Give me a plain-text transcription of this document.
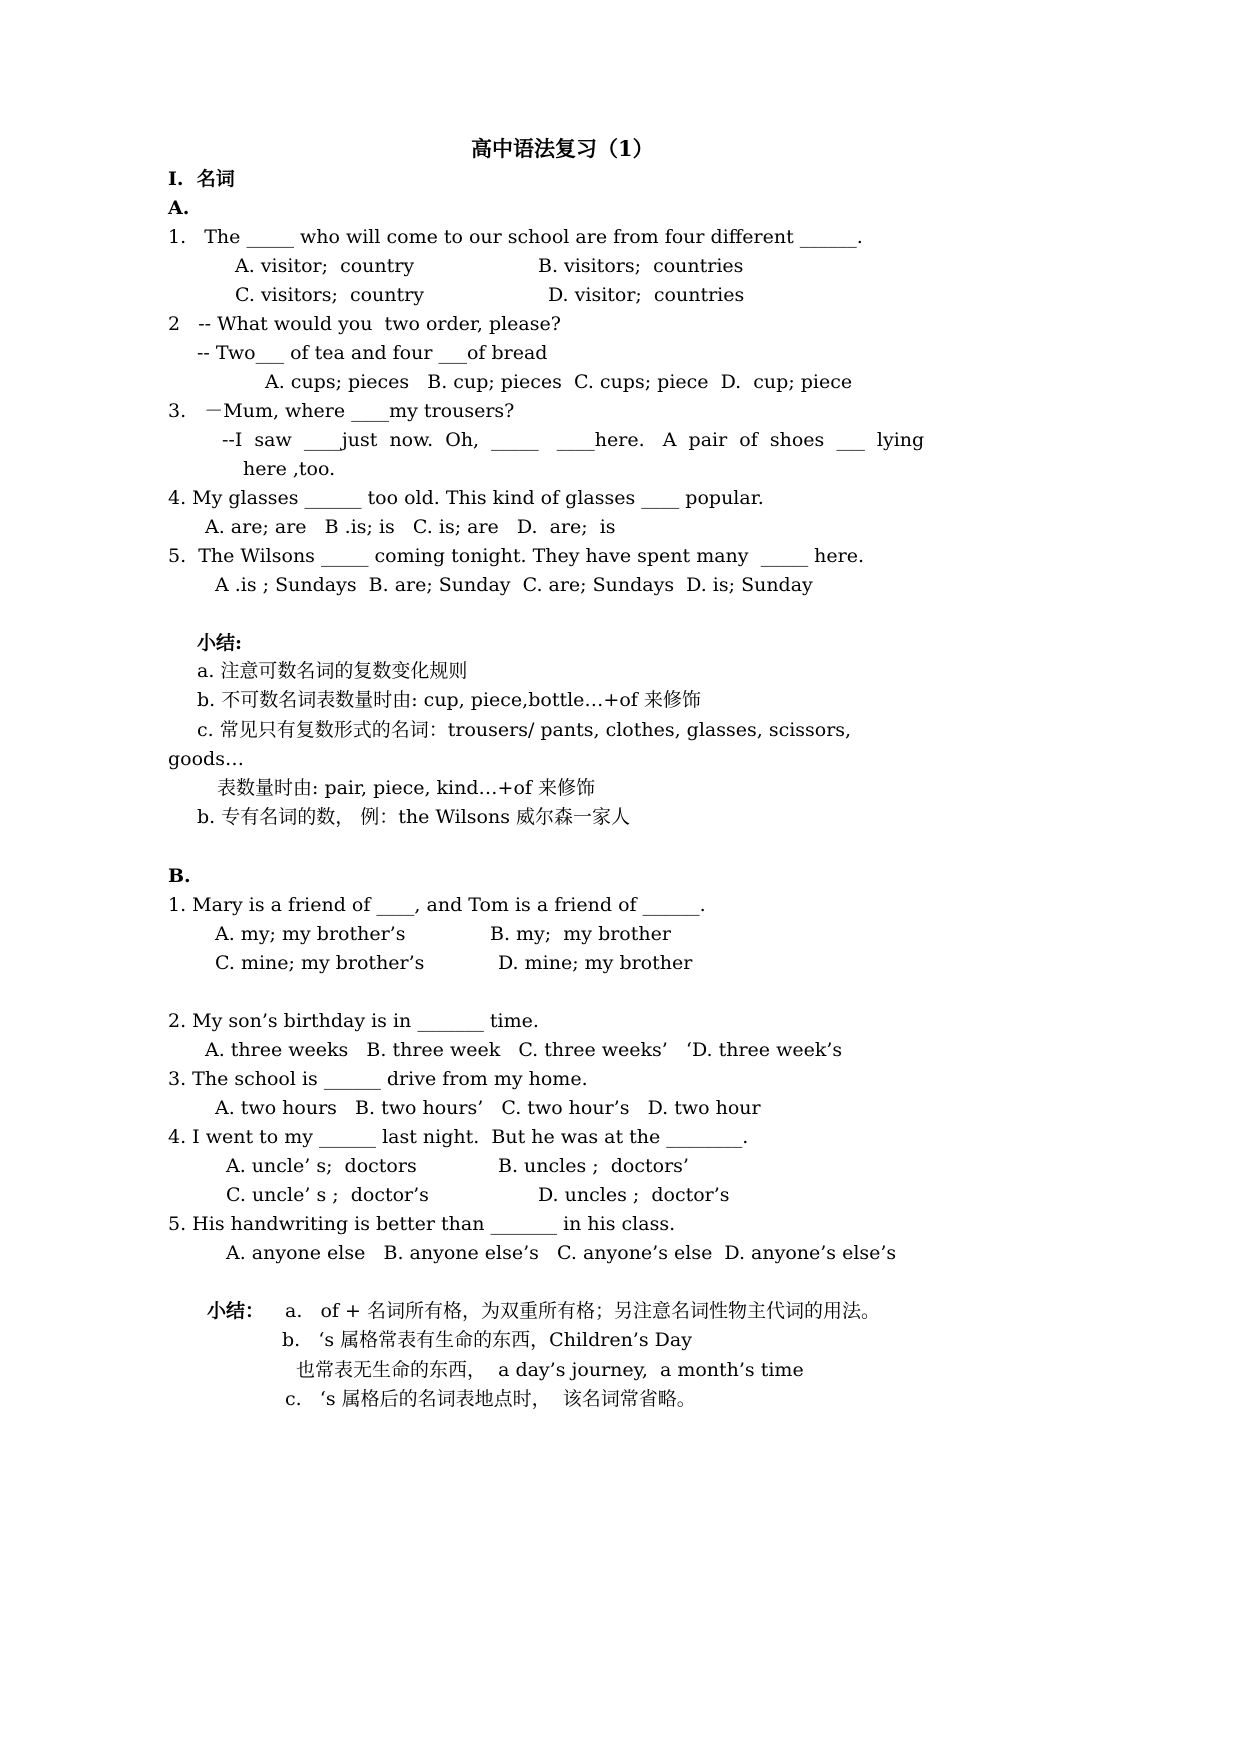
高中语法复习（1）
I.  名词
A.
1.   The _____ who will come to our school are from four different ______.
A. visitor;  country	B. visitors;  countries
C. visitors;  country	D. visitor;  countries
2   -- What would you  two order, please?
-- Two___ of tea and four ___of bread
A. cups; pieces   B. cup; pieces  C. cups; piece  D.  cup; piece
3.   －Mum, where ____my trousers?
--I  saw  ____just  now.  Oh,  _____   ____here.   A  pair  of  shoes  ___  lying
here ,too.
4. My glasses ______ too old. This kind of glasses ____ popular.
A. are; are   B .is; is   C. is; are   D.  are;  is
5.  The Wilsons _____ coming tonight. They have spent many  _____ here.
A .is ; Sundays  B. are; Sunday  C. are; Sundays  D. is; Sunday
小结:
a. 注意可数名词的复数变化规则
b. 不可数名词表数量时由: cup, piece,bottle…+of 来修饰
c. 常见只有复数形式的名词：trousers/ pants, clothes, glasses, scissors,
goods…
表数量时由: pair, piece, kind…+of 来修饰
b. 专有名词的数， 例：the Wilsons 威尔森一家人
B.
1. Mary is a friend of ____, and Tom is a friend of ______.
A. my; my brother’s	B. my;  my brother
C. mine; my brother’s	D. mine; my brother
2. My son’s birthday is in _______ time.
A. three weeks   B. three week   C. three weeks’   ‘D. three week’s
3. The school is ______ drive from my home.
A. two hours   B. two hours’   C. two hour’s   D. two hour
4. I went to my ______ last night.  But he was at the ________.
A. uncle’ s;  doctors	B. uncles ;  doctors’
C. uncle’ s ;  doctor’s	D. uncles ;  doctor’s
5. His handwriting is better than _______ in his class.
A. anyone else   B. anyone else’s   C. anyone’s else  D. anyone’s else’s
小结： a.   of + 名词所有格，为双重所有格；另注意名词性物主代词的用法。
b.   ‘s 属格常表有生命的东西，Children’s Day
也常表无生命的东西，  a day’s journey,  a month’s time
c.   ‘s 属格后的名词表地点时，  该名词常省略。
